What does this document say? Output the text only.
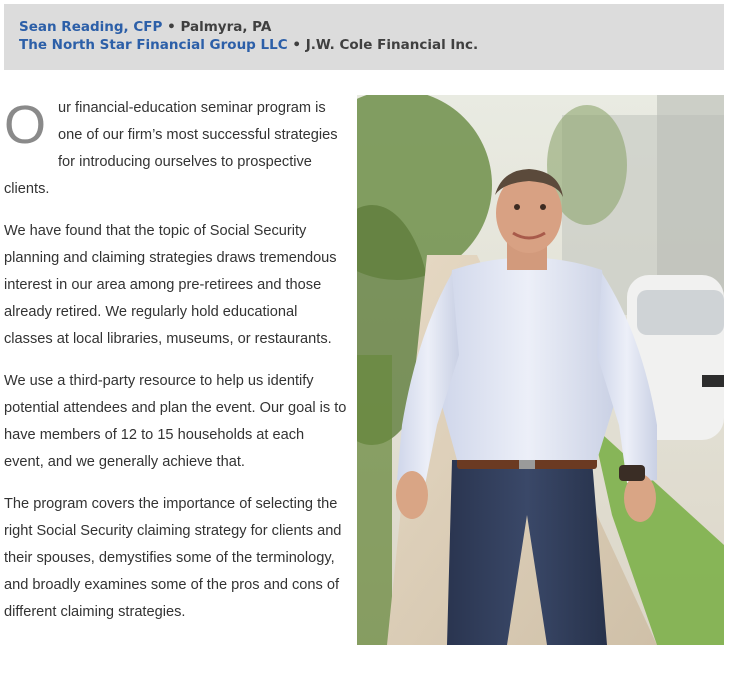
Sean Reading, CFP • Palmyra, PA
The North Star Financial Group LLC • J.W. Cole Financial Inc.

Our financial-education seminar program is one of our firm’s most successful strategies for introducing ourselves to prospective clients.

We have found that the topic of Social Security planning and claiming strategies draws tremendous interest in our area among pre-retirees and those already retired. We regularly hold educational classes at local libraries, museums, or restaurants.

We use a third-party resource to help us identify potential attendees and plan the event. Our goal is to have members of 12 to 15 households at each event, and we generally achieve that.

The program covers the importance of selecting the right Social Security claiming strategy for clients and their spouses, demystifies some of the terminology, and broadly examines some of the pros and cons of different claiming strategies.
